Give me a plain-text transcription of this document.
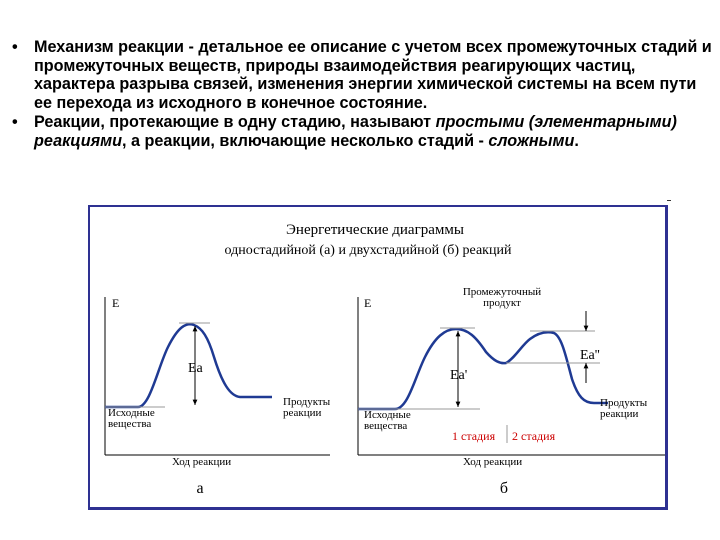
• Механизм реакции - детальное ее описание с учетом всех промежуточных стадий и промежуточных веществ, природы взаимодействия реагирующих частиц, характера разрыва связей, изменения энергии химической системы на всем пути ее перехода из исходного в конечное состояние.
• Реакции, протекающие в одну стадию, называют простыми (элементарными) реакциями, а реакции, включающие несколько стадий - сложными.
Энергетические диаграммы
одностадийной (а) и двухстадийной (б) реакций
E
Ea
Исходные
вещества
Продукты
реакции
Ход реакции
а
E
Ea'
Ea''
Промежуточный
продукт
Исходные
вещества
Продукты
реакции
Ход реакции
1 стадия 2 стадия
б
